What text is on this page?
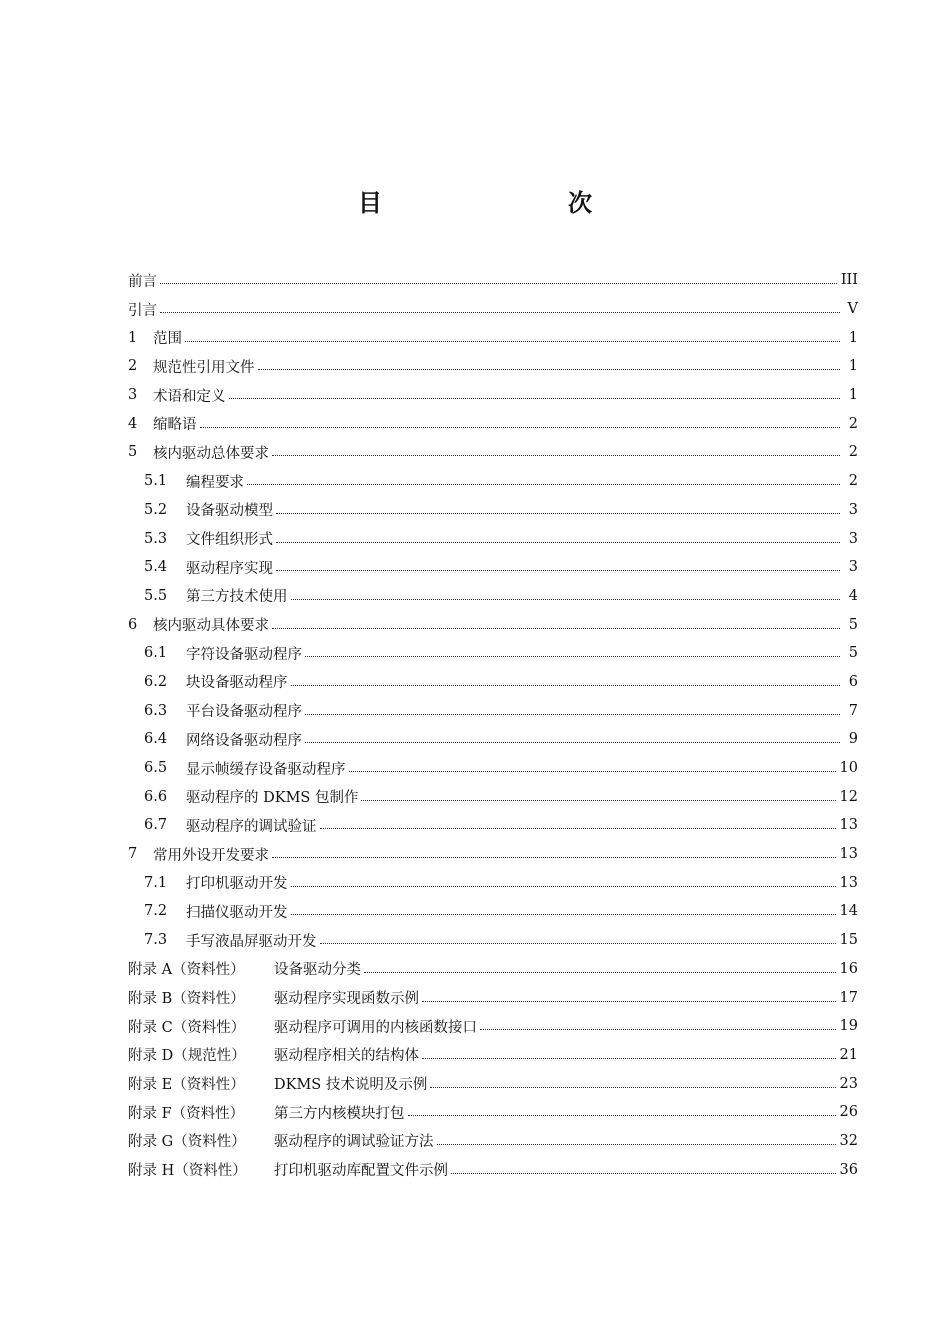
目　　次
前言	III
引言	V
1	范围	1
2	规范性引用文件	1
3	术语和定义	1
4	缩略语	2
5	核内驱动总体要求	2
5.1	编程要求	2
5.2	设备驱动模型	3
5.3	文件组织形式	3
5.4	驱动程序实现	3
5.5	第三方技术使用	4
6	核内驱动具体要求	5
6.1	字符设备驱动程序	5
6.2	块设备驱动程序	6
6.3	平台设备驱动程序	7
6.4	网络设备驱动程序	9
6.5	显示帧缓存设备驱动程序	10
6.6	驱动程序的 DKMS 包制作	12
6.7	驱动程序的调试验证	13
7	常用外设开发要求	13
7.1	打印机驱动开发	13
7.2	扫描仪驱动开发	14
7.3	手写液晶屏驱动开发	15
附录 A（资料性）	设备驱动分类	16
附录 B（资料性）	驱动程序实现函数示例	17
附录 C（资料性）	驱动程序可调用的内核函数接口	19
附录 D（规范性）	驱动程序相关的结构体	21
附录 E（资料性）	DKMS 技术说明及示例	23
附录 F（资料性）	第三方内核模块打包	26
附录 G（资料性）	驱动程序的调试验证方法	32
附录 H（资料性）	打印机驱动库配置文件示例	36
